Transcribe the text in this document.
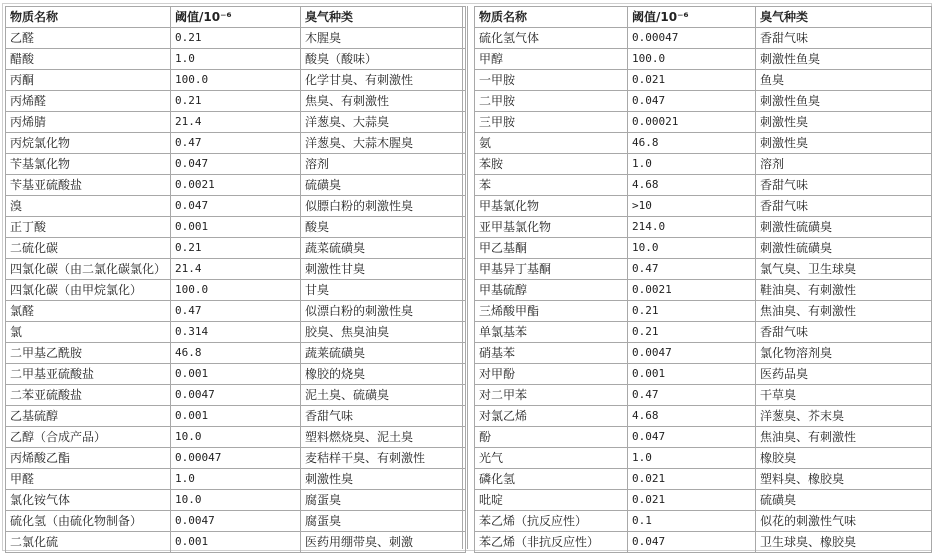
物质名称	阈值/10⁻⁶	臭气种类
乙醛	0.21	木腥臭
醋酸	1.0	酸臭（酸味）
丙酮	100.0	化学甘臭、有刺激性
丙烯醛	0.21	焦臭、有刺激性
丙烯腈	21.4	洋葱臭、大蒜臭
丙烷氯化物	0.47	洋葱臭、大蒜木腥臭
苄基氯化物	0.047	溶剂
苄基亚硫酸盐	0.0021	硫磺臭
溴	0.047	似膘白粉的刺激性臭
正丁酸	0.001	酸臭
二硫化碳	0.21	蔬菜硫磺臭
四氯化碳（由二氯化碳氯化）	21.4	刺激性甘臭
四氯化碳（由甲烷氯化）	100.0	甘臭
氯醛	0.47	似漂白粉的刺激性臭
氯	0.314	胶臭、焦臭油臭
二甲基乙酰胺	46.8	蔬莱硫磺臭
二甲基亚硫酸盐	0.001	橡胶的烧臭
二苯亚硫酸盐	0.0047	泥土臭、硫磺臭
乙基硫醇	0.001	香甜气味
乙醇（合成产品）	10.0	塑料燃烧臭、泥土臭
丙烯酸乙酯	0.00047	麦秸样干臭、有刺激性
甲醛	1.0	刺激性臭
氯化铵气体	10.0	腐蛋臭
硫化氢（由硫化物制备）	0.0047	腐蛋臭
二氯化硫	0.001	医药用绷带臭、刺激
物质名称	阈值/10⁻⁶	臭气种类
硫化氢气体	0.00047	香甜气味
甲醇	100.0	刺激性鱼臭
一甲胺	0.021	鱼臭
二甲胺	0.047	刺激性鱼臭
三甲胺	0.00021	刺激性臭
氨	46.8	刺激性臭
苯胺	1.0	溶剂
苯	4.68	香甜气味
甲基氯化物	>10	香甜气味
亚甲基氯化物	214.0	刺激性硫磺臭
甲乙基酮	10.0	刺激性硫磺臭
甲基异丁基酮	0.47	氯气臭、卫生球臭
甲基硫醇	0.0021	鞋油臭、有刺激性
三烯酸甲酯	0.21	焦油臭、有刺激性
单氯基苯	0.21	香甜气味
硝基苯	0.0047	氯化物溶剂臭
对甲酚	0.001	医药品臭
对二甲苯	0.47	干草臭
对氯乙烯	4.68	洋葱臭、芥末臭
酚	0.047	焦油臭、有刺激性
光气	1.0	橡胶臭
磷化氢	0.021	塑料臭、橡胶臭
吡啶	0.021	硫磺臭
苯乙烯（抗反应性）	0.1	似花的刺激性气味
苯乙烯（非抗反应性）	0.047	卫生球臭、橡胶臭
